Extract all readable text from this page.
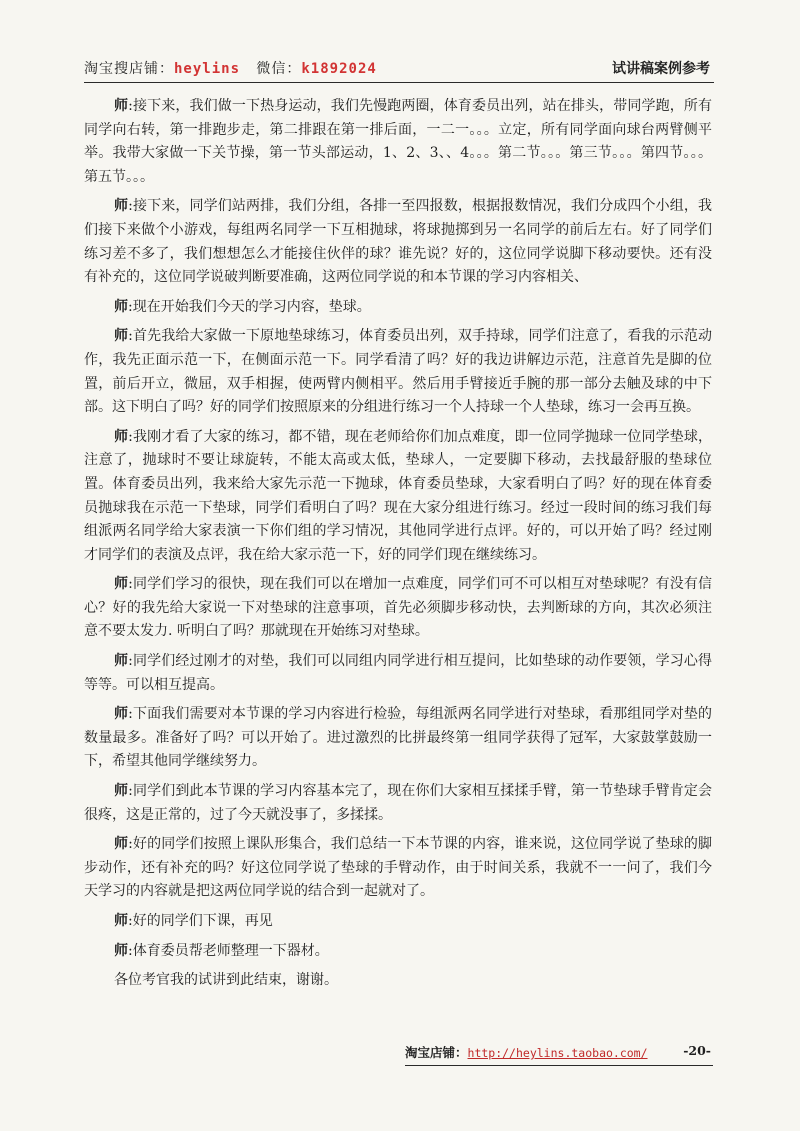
淘宝搜店铺：heylins 微信：k1892024	试讲稿案例参考

师:接下来，我们做一下热身运动，我们先慢跑两圈，体育委员出列，站在排头，带同学跑，所有同学向右转，第一排跑步走，第二排跟在第一排后面，一二一。。。立定，所有同学面向球台两臂侧平举。我带大家做一下关节操，第一节头部运动，1、2、3、、4。。。第二节。。。第三节。。。第四节。。。第五节。。。

师:接下来，同学们站两排，我们分组，各排一至四报数，根据报数情况，我们分成四个小组，我们接下来做个小游戏，每组两名同学一下互相抛球，将球抛掷到另一名同学的前后左右。好了同学们练习差不多了，我们想想怎么才能接住伙伴的球？谁先说？好的，这位同学说脚下移动要快。还有没有补充的，这位同学说破判断要准确，这两位同学说的和本节课的学习内容相关、

师:现在开始我们今天的学习内容，垫球。

师:首先我给大家做一下原地垫球练习，体育委员出列，双手持球，同学们注意了，看我的示范动作，我先正面示范一下，在侧面示范一下。同学看清了吗？好的我边讲解边示范，注意首先是脚的位置，前后开立，微屈，双手相握，使两臂内侧相平。然后用手臂接近手腕的那一部分去触及球的中下部。这下明白了吗？好的同学们按照原来的分组进行练习一个人持球一个人垫球，练习一会再互换。

师:我刚才看了大家的练习，都不错，现在老师给你们加点难度，即一位同学抛球一位同学垫球，注意了，抛球时不要让球旋转，不能太高或太低，垫球人，一定要脚下移动，去找最舒服的垫球位置。体育委员出列，我来给大家先示范一下抛球，体育委员垫球，大家看明白了吗？好的现在体育委员抛球我在示范一下垫球，同学们看明白了吗？现在大家分组进行练习。经过一段时间的练习我们每组派两名同学给大家表演一下你们组的学习情况，其他同学进行点评。好的，可以开始了吗？经过刚才同学们的表演及点评，我在给大家示范一下，好的同学们现在继续练习。

师:同学们学习的很快，现在我们可以在增加一点难度，同学们可不可以相互对垫球呢？有没有信心？好的我先给大家说一下对垫球的注意事项，首先必须脚步移动快，去判断球的方向，其次必须注意不要太发力. 听明白了吗？那就现在开始练习对垫球。

师:同学们经过刚才的对垫，我们可以同组内同学进行相互提问，比如垫球的动作要领，学习心得等等。可以相互提高。

师:下面我们需要对本节课的学习内容进行检验，每组派两名同学进行对垫球，看那组同学对垫的数量最多。准备好了吗？可以开始了。进过激烈的比拼最终第一组同学获得了冠军，大家鼓掌鼓励一下，希望其他同学继续努力。

师:同学们到此本节课的学习内容基本完了，现在你们大家相互揉揉手臂，第一节垫球手臂肯定会很疼，这是正常的，过了今天就没事了，多揉揉。

师:好的同学们按照上课队形集合，我们总结一下本节课的内容，谁来说，这位同学说了垫球的脚步动作，还有补充的吗？好这位同学说了垫球的手臂动作，由于时间关系，我就不一一问了，我们今天学习的内容就是把这两位同学说的结合到一起就对了。

师:好的同学们下课，再见

师:体育委员帮老师整理一下器材。

各位考官我的试讲到此结束，谢谢。

淘宝店铺：http://heylins.taobao.com/	-20-
